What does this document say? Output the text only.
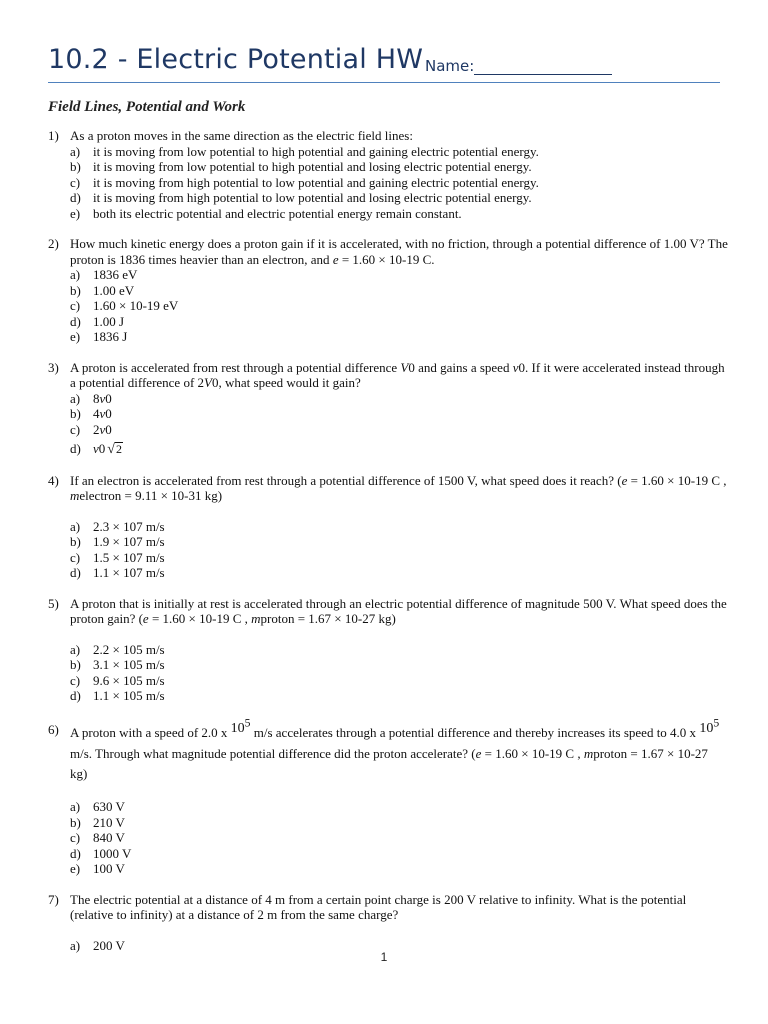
10.2 - Electric Potential HW Name:
Field Lines, Potential and Work
1) As a proton moves in the same direction as the electric field lines:
a) it is moving from low potential to high potential and gaining electric potential energy.
b) it is moving from low potential to high potential and losing electric potential energy.
c) it is moving from high potential to low potential and gaining electric potential energy.
d) it is moving from high potential to low potential and losing electric potential energy.
e) both its electric potential and electric potential energy remain constant.
2) How much kinetic energy does a proton gain if it is accelerated, with no friction, through a potential difference of 1.00 V? The proton is 1836 times heavier than an electron, and e = 1.60 × 10-19 C.
a) 1836 eV
b) 1.00 eV
c) 1.60 × 10-19 eV
d) 1.00 J
e) 1836 J
3) A proton is accelerated from rest through a potential difference V0 and gains a speed v0. If it were accelerated instead through a potential difference of 2V0, what speed would it gain?
a) 8v0
b) 4v0
c) 2v0
d) v0 √2
4) If an electron is accelerated from rest through a potential difference of 1500 V, what speed does it reach? (e = 1.60 × 10-19 C , melectron = 9.11 × 10-31 kg)
a) 2.3 × 107 m/s
b) 1.9 × 107 m/s
c) 1.5 × 107 m/s
d) 1.1 × 107 m/s
5) A proton that is initially at rest is accelerated through an electric potential difference of magnitude 500 V. What speed does the proton gain? (e = 1.60 × 10-19 C , mproton = 1.67 × 10-27 kg)
a) 2.2 × 105 m/s
b) 3.1 × 105 m/s
c) 9.6 × 105 m/s
d) 1.1 × 105 m/s
6) A proton with a speed of 2.0 x $10^5$ m/s accelerates through a potential difference and thereby increases its speed to 4.0 x $10^5$ m/s. Through what magnitude potential difference did the proton accelerate? (e = 1.60 × 10-19 C , mproton = 1.67 × 10-27 kg)
a) 630 V
b) 210 V
c) 840 V
d) 1000 V
e) 100 V
7) The electric potential at a distance of 4 m from a certain point charge is 200 V relative to infinity. What is the potential (relative to infinity) at a distance of 2 m from the same charge?
a) 200 V
1
